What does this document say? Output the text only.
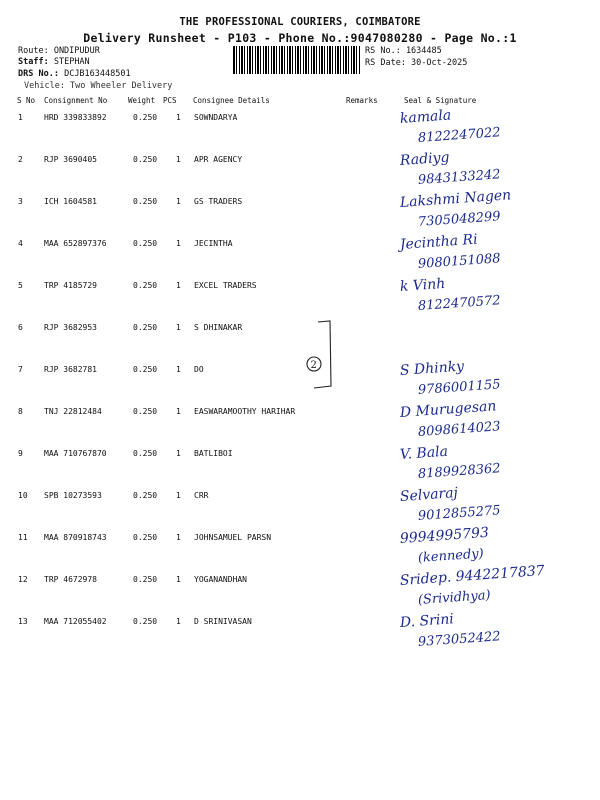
THE PROFESSIONAL COURIERS, COIMBATORE
Delivery Runsheet - P103 - Phone No.:9047080280 - Page No.:1
Route: ONDIPUDUR
Staff: STEPHAN
DRS No.: DCJB163448501
Vehicle: Two Wheeler Delivery
RS No.: 1634485
RS Date: 30-Oct-2025
S No Consignment No	Weight PCS Consignee Details	Remarks	Seal & Signature
1	HRD 339833892	0.250 1 SOWNDARYA	kamala
8122247022
2	RJP 3690405	0.250 1 APR AGENCY	Radiyg
9843133242
3	ICH 1604581	0.250 1 GS TRADERS	Lakshmi Nagen
7305048299
4	MAA 652897376	0.250 1 JECINTHA	Jecintha Ri
9080151088
5	TRP 4185729	0.250 1 EXCEL TRADERS	k Vinh
8122470572
6	RJP 3682953	0.250 1 S DHINAKAR
7	RJP 3682781	0.250 1 DO	S Dhinky
9786001155
8	TNJ 22812484	0.250 1 EASWARAMOOTHY HARIHAR	D Murugesan
8098614023
9	MAA 710767870	0.250 1 BATLIBOI	V. Bala
8189928362
10 SPB 10273593	0.250 1 CRR	Selvaraj
9012855275
11 MAA 870918743	0.250 1 JOHNSAMUEL PARSN	9994995793
(kennedy)
12 TRP 4672978	0.250 1 YOGANANDHAN	Sridep. 9442217837
(Srividhya)
13 MAA 712055402	0.250 1 D SRINIVASAN	D. Srini
9373052422
2
